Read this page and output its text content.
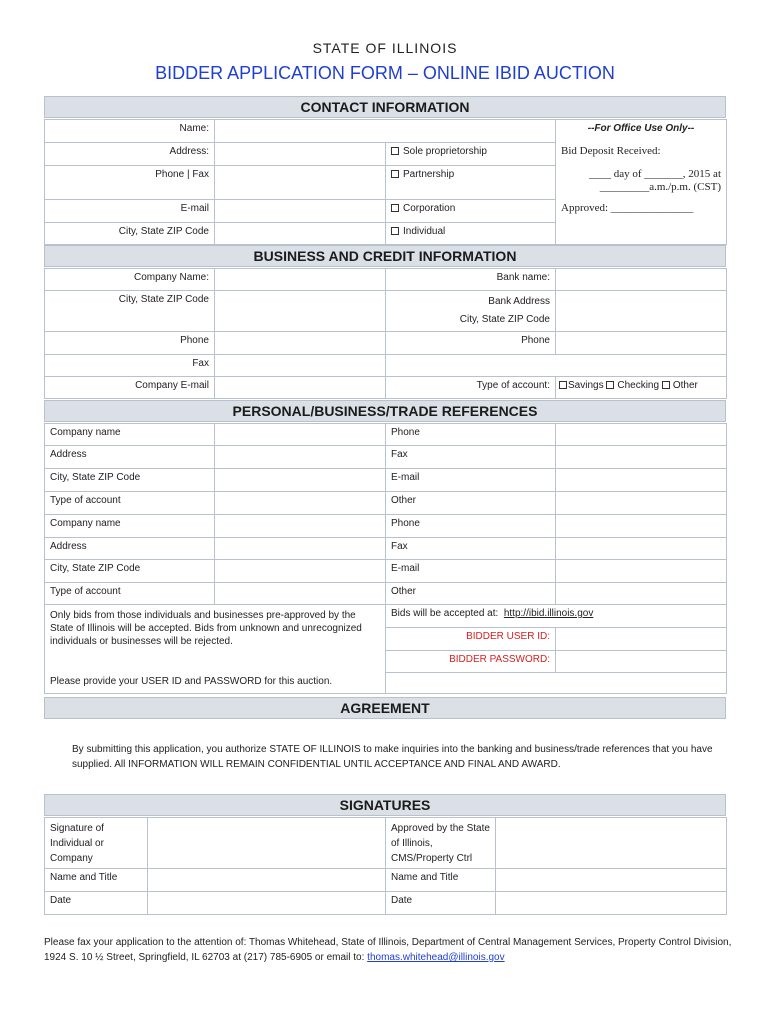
STATE OF ILLINOIS
BIDDER APPLICATION FORM – ONLINE IBID AUCTION
CONTACT INFORMATION
Name:			--For Office Use Only--
Address:		Sole proprietorship	Bid Deposit Received:
Phone | Fax		Partnership	____ day of _______, 2015 at
_________a.m./p.m. (CST)

E-mail		Corporation	Approved: _______________
City, State ZIP Code		Individual	
BUSINESS AND CREDIT INFORMATION
Company Name:		Bank name:	
City, State ZIP Code		Bank Address
City, State ZIP Code	

Phone		Phone	
Fax			
Company E-mail		Type of account:	Savings Checking Other
PERSONAL/BUSINESS/TRADE REFERENCES
Company name		Phone	
Address		Fax	
City, State ZIP Code		E-mail	
Type of account		Other	
Company name		Phone	
Address		Fax	
City, State ZIP Code		E-mail	
Type of account		Other	
Only bids from those individuals and businesses pre-approved by the State of Illinois will be accepted. Bids from unknown and unrecognized individuals or businesses will be rejected.		Bids will be accepted at: http://ibid.illinois.gov	
		BIDDER USER ID:	
		BIDDER PASSWORD:	
Please provide your USER ID and PASSWORD for this auction.			
AGREEMENT
By submitting this application, you authorize STATE OF ILLINOIS to make inquiries into the banking and business/trade references that you have supplied. All INFORMATION WILL REMAIN CONFIDENTIAL UNTIL ACCEPTANCE AND FINAL AND AWARD.
SIGNATURES
Signature of Individual or Company		Approved by the State of Illinois, CMS/Property Ctrl	
Name and Title		Name and Title	
Date		Date	
Please fax your application to the attention of: Thomas Whitehead, State of Illinois, Department of Central Management Services, Property Control Division, 1924 S. 10 ½ Street, Springfield, IL 62703 at (217) 785-6905 or email to: thomas.whitehead@illinois.gov
